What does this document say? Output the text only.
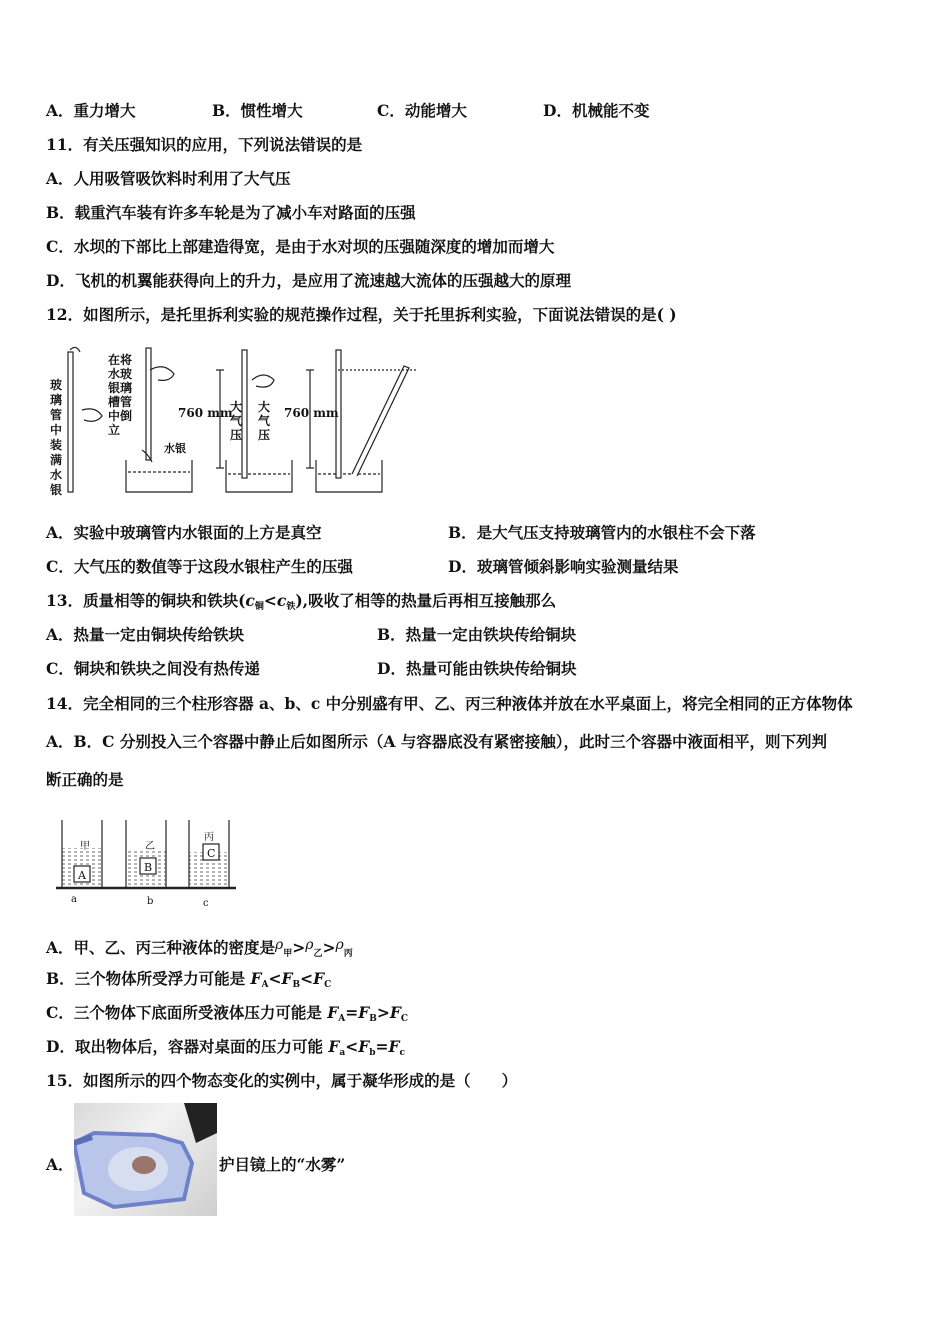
A．重力增大	B．惯性增大	C．动能增大	D．机械能不变
11．有关压强知识的应用，下列说法错误的是
A．人用吸管吸饮料时利用了大气压
B．载重汽车装有许多车轮是为了减小车对路面的压强
C．水坝的下部比上部建造得宽，是由于水对坝的压强随深度的增加而增大
D．飞机的机翼能获得向上的升力，是应用了流速越大流体的压强越大的原理
12．如图所示，是托里拆利实验的规范操作过程，关于托里拆利实验，下面说法错误的是( )
玻璃管中装满水银
在将水玻银璃槽管中倒立
水银
760 mm
大气压
大气压
760 mm
A．实验中玻璃管内水银面的上方是真空	B．是大气压支持玻璃管内的水银柱不会下落
C．大气压的数值等于这段水银柱产生的压强	D．玻璃管倾斜影响实验测量结果
13．质量相等的铜块和铁块$(c_铜<c_铁)$,吸收了相等的热量后再相互接触那么
A．热量一定由铜块传给铁块	B．热量一定由铁块传给铜块
C．铜块和铁块之间没有热传递	D．热量可能由铁块传给铜块
14．完全相同的三个柱形容器 a、b、c 中分别盛有甲、乙、丙三种液体并放在水平桌面上，将完全相同的正方体物体
A．B．C 分别投入三个容器中静止后如图所示（A 与容器底没有紧密接触），此时三个容器中液面相平，则下列判
断正确的是
甲	乙
丙
A
B
C
a	b	c
A．甲、乙、丙三种液体的密度是$\rho_甲>\rho_乙>\rho_丙$
B．三个物体所受浮力可能是 $F_A<F_B<F_C$
C．三个物体下底面所受液体压力可能是 $F_A=F_B>F_C$
D．取出物体后，容器对桌面的压力可能 $F_a<F_b=F_c$
15．如图所示的四个物态变化的实例中，属于凝华形成的是（　　）
A．	护目镜上的“水雾”
